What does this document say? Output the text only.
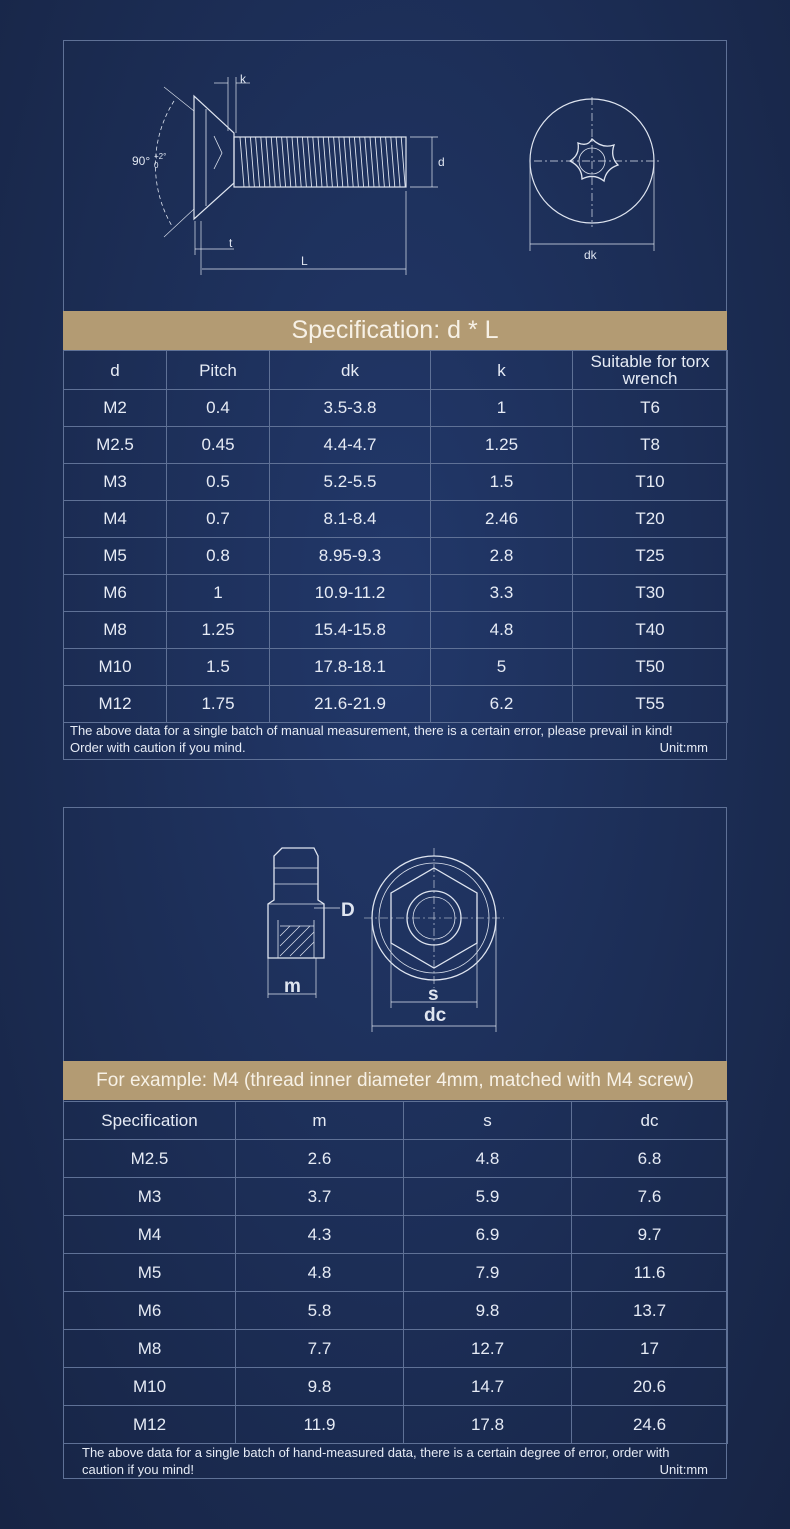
k
90° +2°
0	d
t
L	dk
Specification: d * L
d	Pitch	dk	k	Suitable for torx wrench
M2	0.4	3.5-3.8	1	T6
M2.5	0.45	4.4-4.7	1.25	T8
M3	0.5	5.2-5.5	1.5	T10
M4	0.7	8.1-8.4	2.46	T20
M5	0.8	8.95-9.3	2.8	T25
M6	1	10.9-11.2	3.3	T30
M8	1.25	15.4-15.8	4.8	T40
M10	1.5	17.8-18.1	5	T50
M12	1.75	21.6-21.9	6.2	T55
The above data for a single batch of manual measurement, there is a certain error, please prevail in kind! Order with caution if you mind.	Unit:mm
D
m	s
dc
For example: M4 (thread inner diameter 4mm, matched with M4 screw)
Specification	m	s	dc
M2.5	2.6	4.8	6.8
M3	3.7	5.9	7.6
M4	4.3	6.9	9.7
M5	4.8	7.9	11.6
M6	5.8	9.8	13.7
M8	7.7	12.7	17
M10	9.8	14.7	20.6
M12	11.9	17.8	24.6
The above data for a single batch of hand-measured data, there is a certain degree of error, order with caution if you mind!	Unit:mm
